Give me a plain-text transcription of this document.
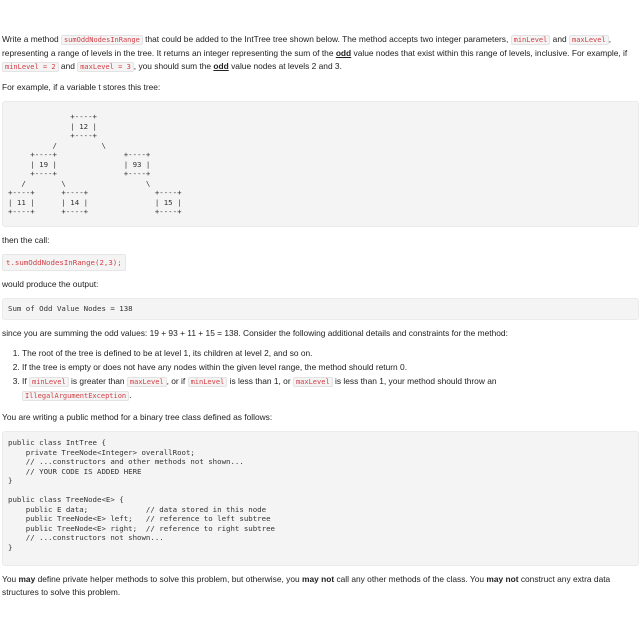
Write a method sumOddNodesInRange that could be added to the IntTree tree shown below. The method accepts two integer parameters, minLevel and maxLevel , representing a range of levels in the tree. It returns an integer representing the sum of the odd value nodes that exist within this range of levels, inclusive. For example, if minLevel = 2 and maxLevel = 3 , you should sum the odd value nodes at levels 2 and 3.

For example, if a variable t stores this tree:

+----+
| 12 |
+----+
/          \
+----+               +----+
| 19 |               | 93 |
+----+               +----+
/        \                  \
+----+      +----+               +----+
| 11 |      | 14 |               | 15 |
+----+      +----+               +----+

then the call:

t.sumOddNodesInRange(2,3);

would produce the output:

Sum of Odd Value Nodes = 138

since you are summing the odd values: 19 + 93 + 11 + 15 = 138. Consider the following additional details and constraints for the method:

1. The root of the tree is defined to be at level 1, its children at level 2, and so on.
2. If the tree is empty or does not have any nodes within the given level range, the method should return 0.
3. If minLevel is greater than maxLevel , or if minLevel is less than 1, or maxLevel is less than 1, your method should throw an
IllegalArgumentException .

You are writing a public method for a binary tree class defined as follows:

public class IntTree {
private TreeNode<Integer> overallRoot;
// ...constructors and other methods not shown...
// YOUR CODE IS ADDED HERE
}

public class TreeNode<E> {
public E data;             // data stored in this node
public TreeNode<E> left;   // reference to left subtree
public TreeNode<E> right;  // reference to right subtree
// ...constructors not shown...
}

You may define private helper methods to solve this problem, but otherwise, you may not call any other methods of the class. You may not construct any extra data structures to solve this problem.
